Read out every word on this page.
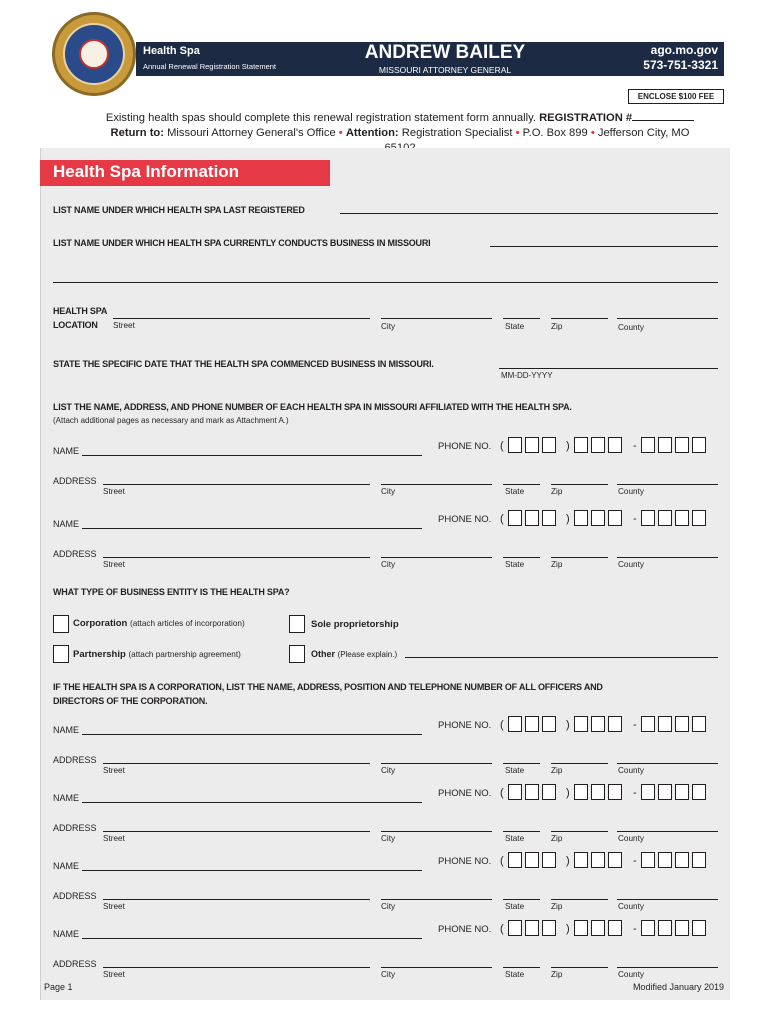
Health Spa
Annual Renewal Registration Statement
ANDREW BAILEY
MISSOURI ATTORNEY GENERAL
ago.mo.gov
573-751-3321
ENCLOSE $100 FEE
Existing health spas should complete this renewal registration statement form annually. REGISTRATION #
Return to: Missouri Attorney General's Office • Attention: Registration Specialist • P.O. Box 899 • Jefferson City, MO
Health Spa Information
LIST NAME UNDER WHICH HEALTH SPA LAST REGISTERED
LIST NAME UNDER WHICH HEALTH SPA CURRENTLY CONDUCTS BUSINESS IN MISSOURI
HEALTH SPA
LOCATION Street	City	State	Zip	County
STATE THE SPECIFIC DATE THAT THE HEALTH SPA COMMENCED BUSINESS IN MISSOURI.
MM-DD-YYYY
LIST THE NAME, ADDRESS, AND PHONE NUMBER OF EACH HEALTH SPA IN MISSOURI AFFILIATED WITH THE HEALTH SPA.
(Attach additional pages as necessary and mark as Attachment A.)
NAME	PHONE NO. (	)	-
ADDRESS
Street	City	State	Zip	County
NAME	PHONE NO. (	)	-
ADDRESS
Street	City	State	Zip	County
WHAT TYPE OF BUSINESS ENTITY IS THE HEALTH SPA?
Corporation (attach articles of incorporation)	Sole proprietorship
Partnership (attach partnership agreement)	Other (Please explain.)
IF THE HEALTH SPA IS A CORPORATION, LIST THE NAME, ADDRESS, POSITION AND TELEPHONE NUMBER OF ALL OFFICERS AND
DIRECTORS OF THE CORPORATION.
NAME	PHONE NO. (	)	-
ADDRESS
Street	City	State	Zip	County
NAME	PHONE NO. (	)	-
ADDRESS
Street	City	State	Zip	County
NAME	PHONE NO. (	)	-
ADDRESS
Street	City	State	Zip	County
NAME	PHONE NO. (	)	-
ADDRESS
Street	City	State	Zip	County
Page 1	Modified January 2019
